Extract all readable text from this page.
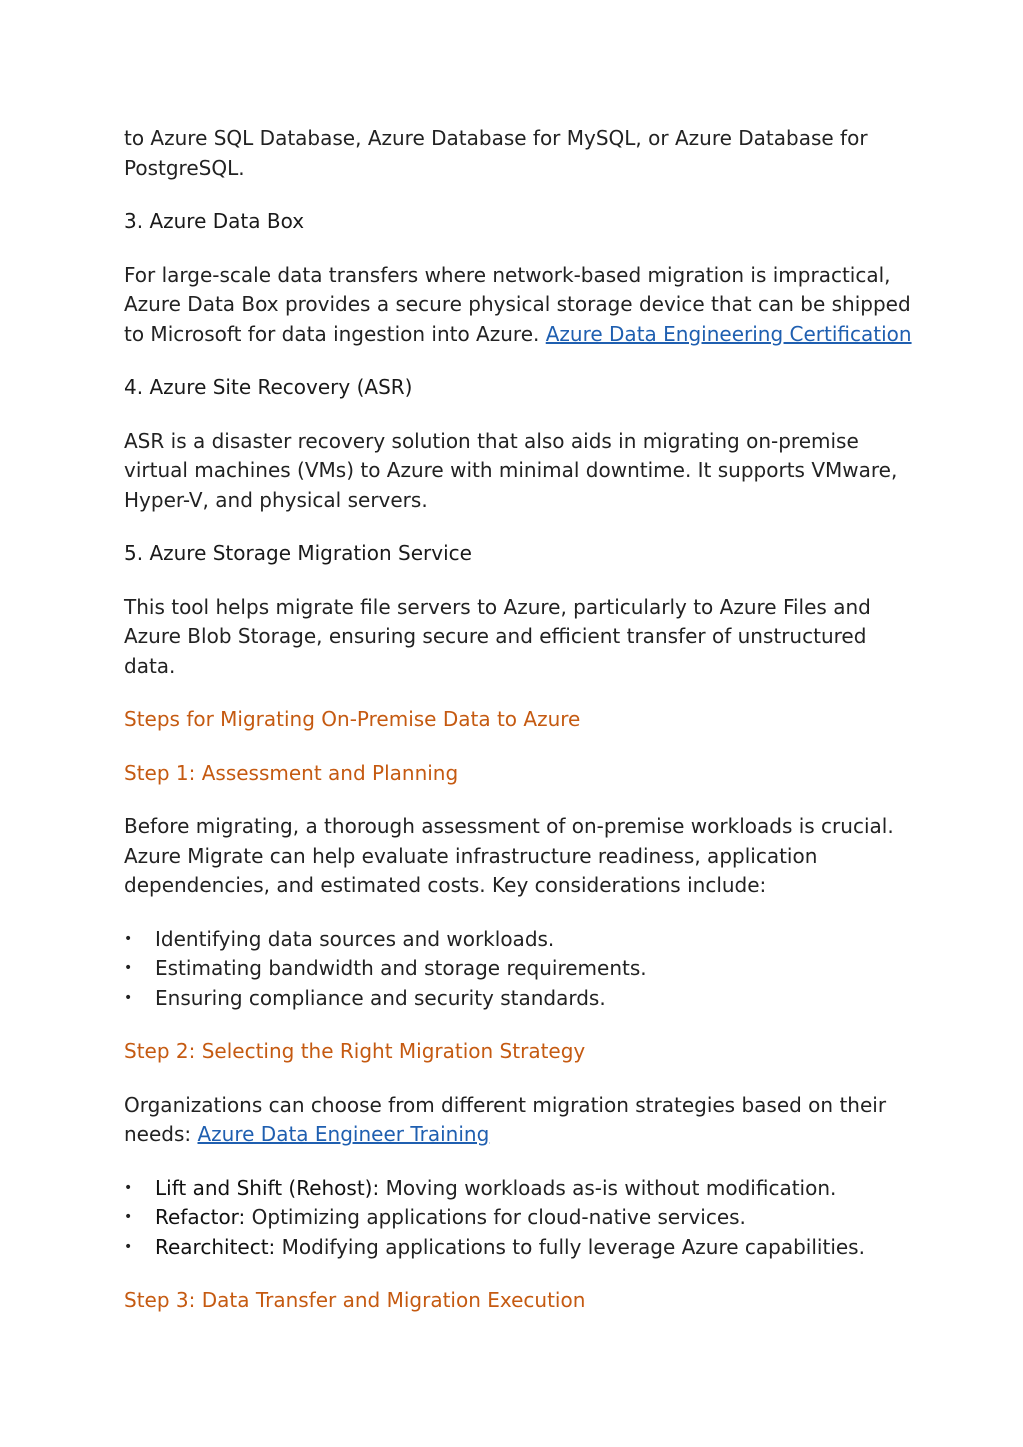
to Azure SQL Database, Azure Database for MySQL, or Azure Database for PostgreSQL.

3. Azure Data Box

For large-scale data transfers where network-based migration is impractical, Azure Data Box provides a secure physical storage device that can be shipped to Microsoft for data ingestion into Azure. Azure Data Engineering Certification

4. Azure Site Recovery (ASR)

ASR is a disaster recovery solution that also aids in migrating on-premise virtual machines (VMs) to Azure with minimal downtime. It supports VMware, Hyper-V, and physical servers.

5. Azure Storage Migration Service

This tool helps migrate file servers to Azure, particularly to Azure Files and Azure Blob Storage, ensuring secure and efficient transfer of unstructured data.

Steps for Migrating On-Premise Data to Azure

Step 1: Assessment and Planning

Before migrating, a thorough assessment of on-premise workloads is crucial. Azure Migrate can help evaluate infrastructure readiness, application dependencies, and estimated costs. Key considerations include:

• Identifying data sources and workloads.
• Estimating bandwidth and storage requirements.
• Ensuring compliance and security standards.

Step 2: Selecting the Right Migration Strategy

Organizations can choose from different migration strategies based on their needs: Azure Data Engineer Training

• Lift and Shift (Rehost): Moving workloads as-is without modification.
• Refactor: Optimizing applications for cloud-native services.
• Rearchitect: Modifying applications to fully leverage Azure capabilities.

Step 3: Data Transfer and Migration Execution
